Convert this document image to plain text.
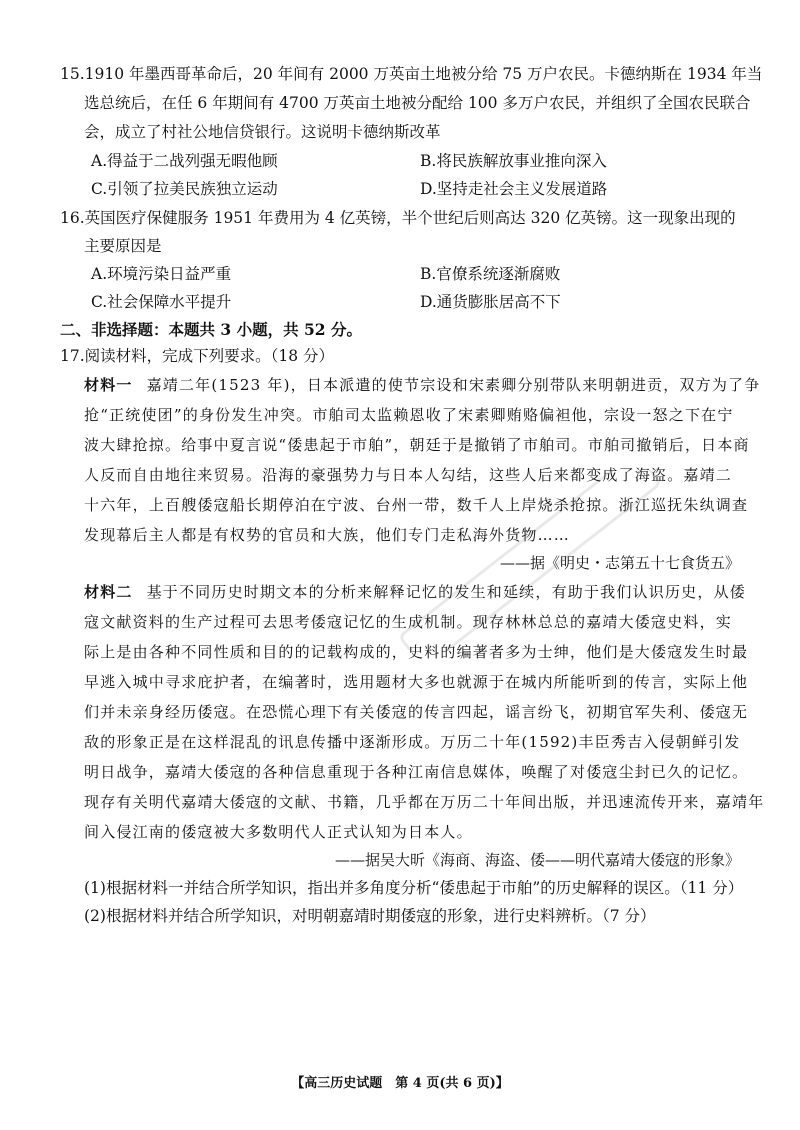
15.1910 年墨西哥革命后，20 年间有 2000 万英亩土地被分给 75 万户农民。卡德纳斯在 1934 年当
选总统后，在任 6 年期间有 4700 万英亩土地被分配给 100 多万户农民，并组织了全国农民联合
会，成立了村社公地信贷银行。这说明卡德纳斯改革
A.得益于二战列强无暇他顾	B.将民族解放事业推向深入
C.引领了拉美民族独立运动	D.坚持走社会主义发展道路
16.英国医疗保健服务 1951 年费用为 4 亿英镑，半个世纪后则高达 320 亿英镑。这一现象出现的
主要原因是
A.环境污染日益严重	B.官僚系统逐渐腐败
C.社会保障水平提升	D.通货膨胀居高不下
二、非选择题：本题共 3 小题，共 52 分。
17.阅读材料，完成下列要求。（18 分）
材料一 嘉靖二年(1523 年)，日本派遣的使节宗设和宋素卿分别带队来明朝进贡，双方为了争
抢“正统使团”的身份发生冲突。市舶司太监赖恩收了宋素卿贿赂偏袒他，宗设一怒之下在宁
波大肆抢掠。给事中夏言说“倭患起于市舶”，朝廷于是撤销了市舶司。市舶司撤销后，日本商
人反而自由地往来贸易。沿海的豪强势力与日本人勾结，这些人后来都变成了海盗。嘉靖二
十六年，上百艘倭寇船长期停泊在宁波、台州一带，数千人上岸烧杀抢掠。浙江巡抚朱纨调查
发现幕后主人都是有权势的官员和大族，他们专门走私海外货物……
——据《明史・志第五十七食货五》
材料二 基于不同历史时期文本的分析来解释记忆的发生和延续，有助于我们认识历史，从倭
寇文献资料的生产过程可去思考倭寇记忆的生成机制。现存林林总总的嘉靖大倭寇史料，实
际上是由各种不同性质和目的的记载构成的，史料的编著者多为士绅，他们是大倭寇发生时最
早逃入城中寻求庇护者，在编著时，选用题材大多也就源于在城内所能听到的传言，实际上他
们并未亲身经历倭寇。在恐慌心理下有关倭寇的传言四起，谣言纷飞，初期官军失利、倭寇无
敌的形象正是在这样混乱的讯息传播中逐渐形成。万历二十年(1592)丰臣秀吉入侵朝鲜引发
明日战争，嘉靖大倭寇的各种信息重现于各种江南信息媒体，唤醒了对倭寇尘封已久的记忆。
现存有关明代嘉靖大倭寇的文献、书籍，几乎都在万历二十年间出版，并迅速流传开来，嘉靖年
间入侵江南的倭寇被大多数明代人正式认知为日本人。
——据吴大昕《海商、海盗、倭——明代嘉靖大倭寇的形象》
(1)根据材料一并结合所学知识，指出并多角度分析“倭患起于市舶”的历史解释的误区。（11 分）
(2)根据材料并结合所学知识，对明朝嘉靖时期倭寇的形象，进行史料辨析。（7 分）
【高三历史试题　第 4 页(共 6 页)】
